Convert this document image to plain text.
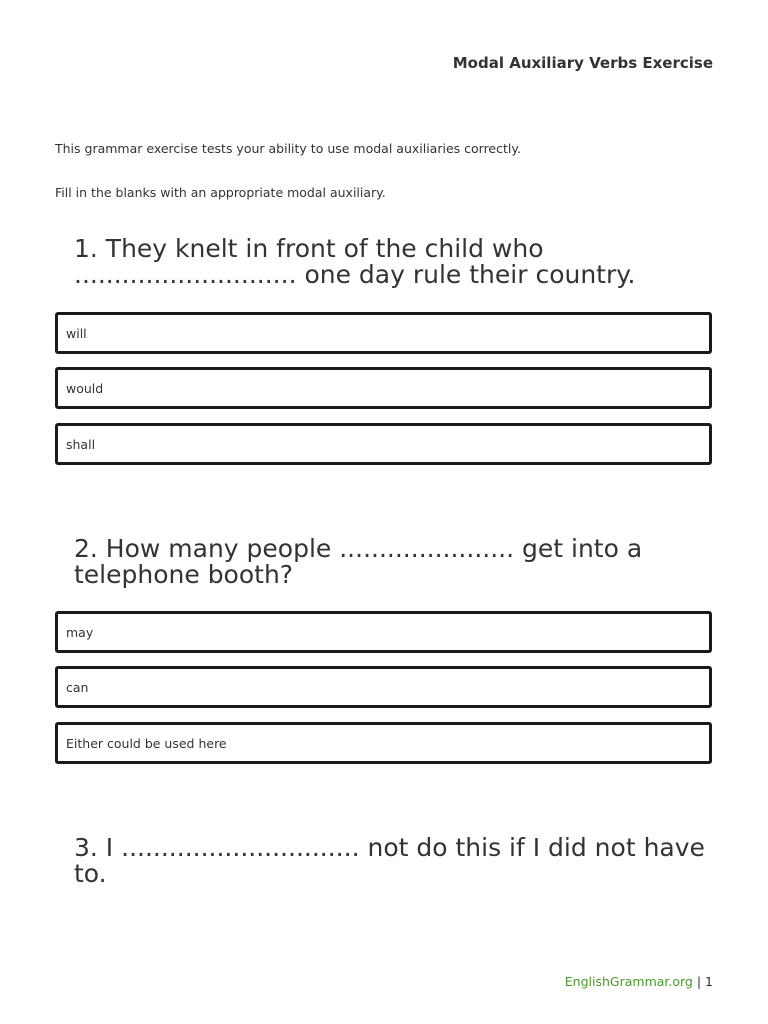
Modal Auxiliary Verbs Exercise
This grammar exercise tests your ability to use modal auxiliaries correctly.
Fill in the blanks with an appropriate modal auxiliary.
1. They knelt in front of the child who ............................ one day rule their country.
will
would
shall
2. How many people ...................... get into a telephone booth?
may
can
Either could be used here
3. I .............................. not do this if I did not have to.
EnglishGrammar.org | 1
